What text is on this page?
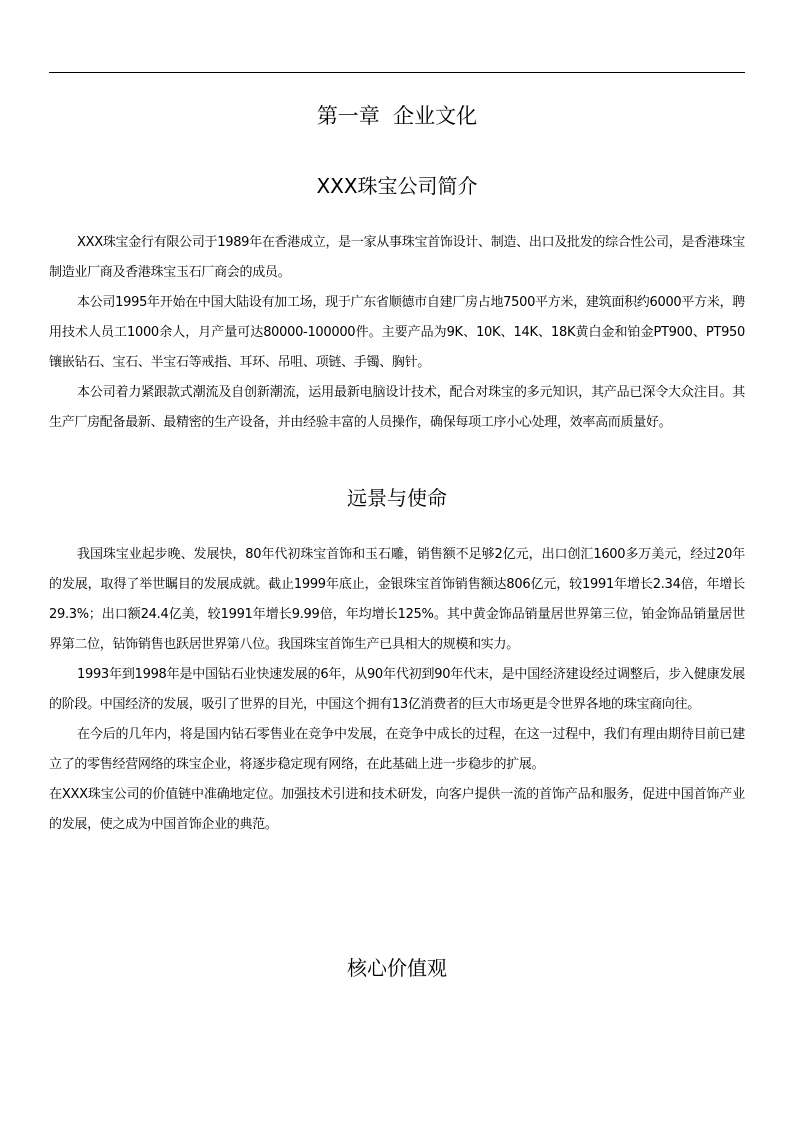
第一章  企业文化
XXX珠宝公司简介

XXX珠宝金行有限公司于1989年在香港成立，是一家从事珠宝首饰设计、制造、出口及批发的综合性公司，是香港珠宝制造业厂商及香港珠宝玉石厂商会的成员。

本公司1995年开始在中国大陆设有加工场，现于广东省顺德市自建厂房占地7500平方米，建筑面积约6000平方米，聘用技术人员工1000余人，月产量可达80000-100000件。主要产品为9K、10K、14K、18K黄白金和铂金PT900、PT950镶嵌钻石、宝石、半宝石等戒指、耳环、吊咀、项链、手镯、胸针。

本公司着力紧跟款式潮流及自创新潮流，运用最新电脑设计技术，配合对珠宝的多元知识，其产品已深令大众注目。其生产厂房配备最新、最精密的生产设备，并由经验丰富的人员操作，确保每项工序小心处理，效率高而质量好。

远景与使命

我国珠宝业起步晚、发展快，80年代初珠宝首饰和玉石雕，销售额不足够2亿元，出口创汇1600多万美元，经过20年的发展，取得了举世瞩目的发展成就。截止1999年底止，金银珠宝首饰销售额达806亿元，较1991年增长2.34倍，年增长29.3%；出口额24.4亿美，较1991年增长9.99倍，年均增长125%。其中黄金饰品销量居世界第三位，铂金饰品销量居世界第二位，钻饰销售也跃居世界第八位。我国珠宝首饰生产已具相大的规模和实力。

1993年到1998年是中国钻石业快速发展的6年，从90年代初到90年代末，是中国经济建设经过调整后，步入健康发展的阶段。中国经济的发展，吸引了世界的目光，中国这个拥有13亿消费者的巨大市场更是令世界各地的珠宝商向往。

在今后的几年内，将是国内钻石零售业在竞争中发展，在竞争中成长的过程，在这一过程中，我们有理由期待目前已建立了的零售经营网络的珠宝企业，将逐步稳定现有网络，在此基础上进一步稳步的扩展。

在XXX珠宝公司的价值链中准确地定位。加强技术引进和技术研发，向客户提供一流的首饰产品和服务，促进中国首饰产业的发展，使之成为中国首饰企业的典范。

核心价值观
